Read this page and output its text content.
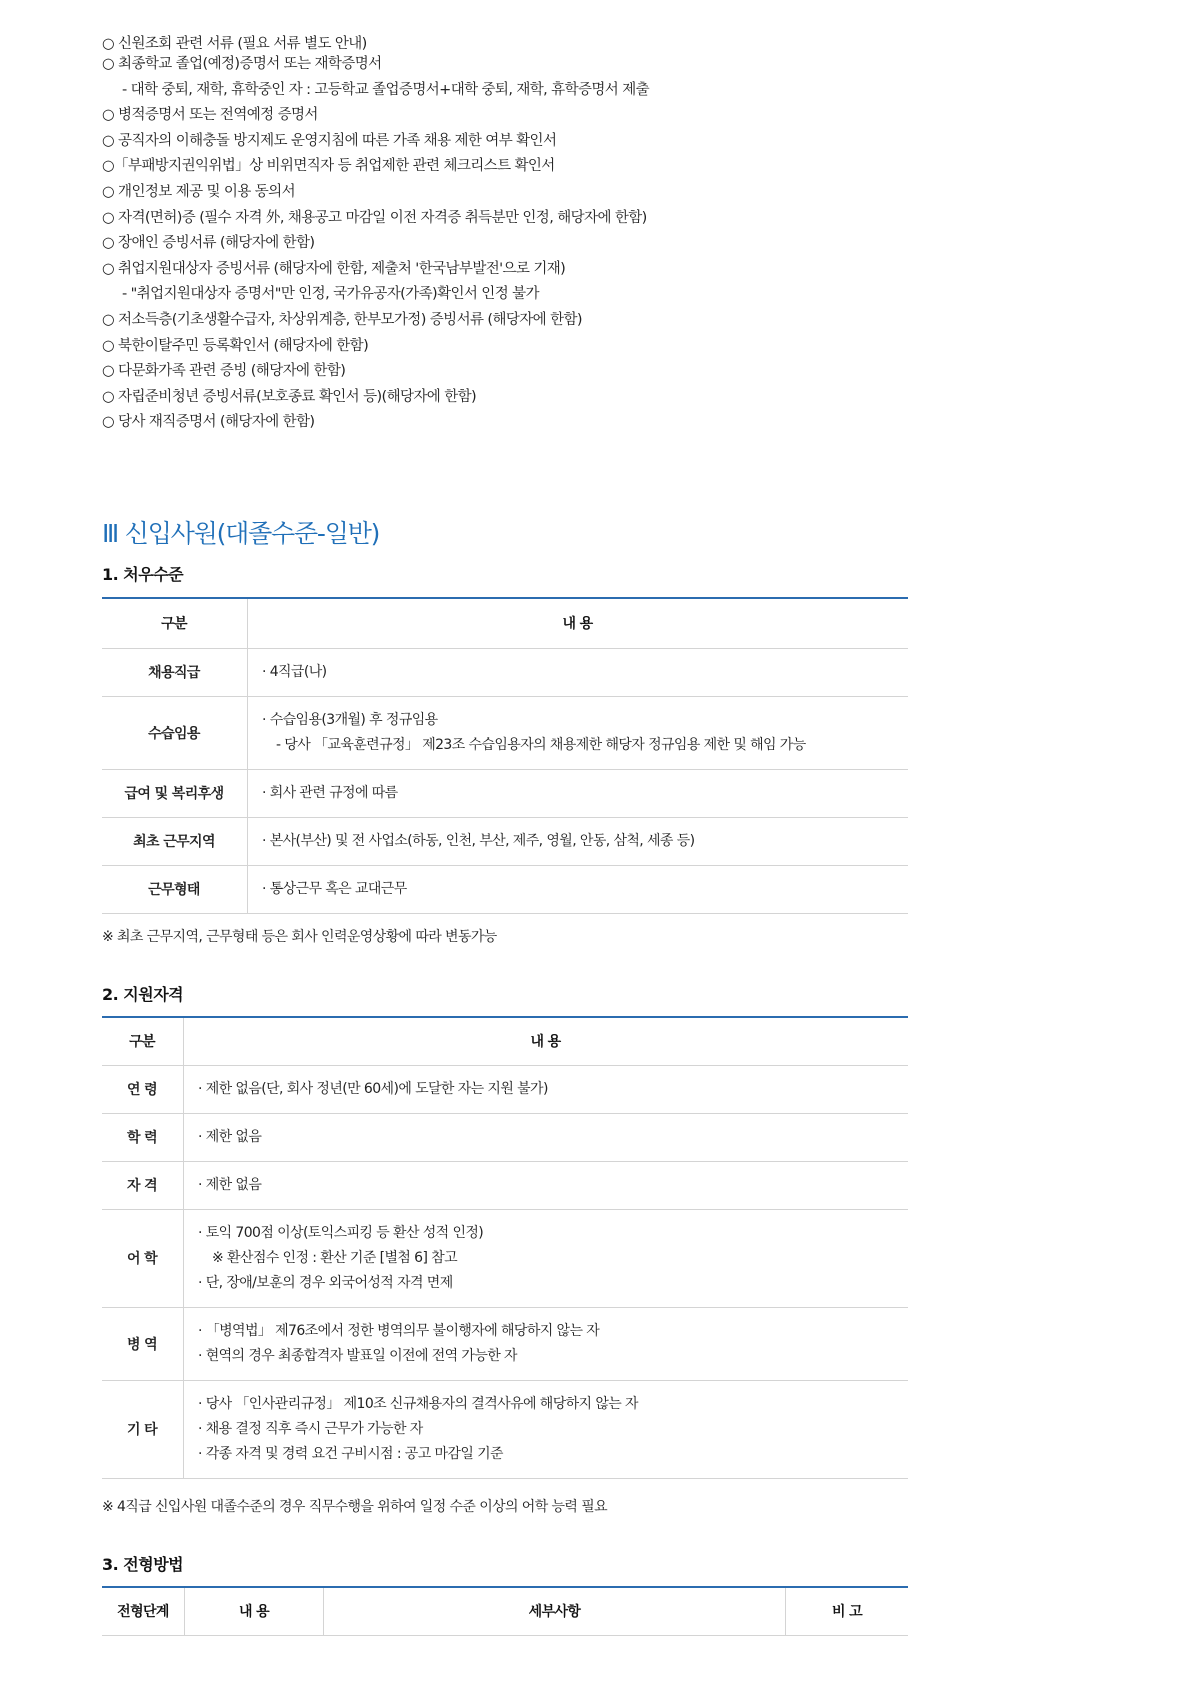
○ 신원조회 관련 서류 (필요 서류 별도 안내)
○ 최종학교 졸업(예정)증명서 또는 재학증명서
- 대학 중퇴, 재학, 휴학중인 자 : 고등학교 졸업증명서+대학 중퇴, 재학, 휴학증명서 제출
○ 병적증명서 또는 전역예정 증명서
○ 공직자의 이해충돌 방지제도 운영지침에 따른 가족 채용 제한 여부 확인서
○「부패방지권익위법」상 비위면직자 등 취업제한 관련 체크리스트 확인서
○ 개인정보 제공 및 이용 동의서
○ 자격(면허)증 (필수 자격 外, 채용공고 마감일 이전 자격증 취득분만 인정, 해당자에 한함)
○ 장애인 증빙서류 (해당자에 한함)
○ 취업지원대상자 증빙서류 (해당자에 한함, 제출처 '한국남부발전'으로 기재)
- "취업지원대상자 증명서"만 인정, 국가유공자(가족)확인서 인정 불가
○ 저소득층(기초생활수급자, 차상위계층, 한부모가정) 증빙서류 (해당자에 한함)
○ 북한이탈주민 등록확인서 (해당자에 한함)
○ 다문화가족 관련 증빙 (해당자에 한함)
○ 자립준비청년 증빙서류(보호종료 확인서 등)(해당자에 한함)
○ 당사 재직증명서 (해당자에 한함)
Ⅲ 신입사원(대졸수준-일반)
1. 처우수준
구분	내 용
채용직급	· 4직급(나)

수습임용	· 수습임용(3개월) 후 정규임용
- 당사 「교육훈련규정」 제23조 수습임용자의 채용제한 해당자 정규임용 제한 및 해임 가능

급여 및 복리후생	· 회사 관련 규정에 따름

최초 근무지역	· 본사(부산) 및 전 사업소(하동, 인천, 부산, 제주, 영월, 안동, 삼척, 세종 등)

근무형태	· 통상근무 혹은 교대근무
※ 최초 근무지역, 근무형태 등은 회사 인력운영상황에 따라 변동가능
2. 지원자격
구분	내 용
연 령	· 제한 없음(단, 회사 정년(만 60세)에 도달한 자는 지원 불가)

학 력	· 제한 없음

자 격	· 제한 없음

어 학	· 토익 700점 이상(토익스피킹 등 환산 성적 인정)
※ 환산점수 인정 : 환산 기준 [별첨 6] 참고
· 단, 장애/보훈의 경우 외국어성적 자격 면제

병 역	· 「병역법」 제76조에서 정한 병역의무 불이행자에 해당하지 않는 자
· 현역의 경우 최종합격자 발표일 이전에 전역 가능한 자

기 타	· 당사 「인사관리규정」 제10조 신규채용자의 결격사유에 해당하지 않는 자
· 채용 결정 직후 즉시 근무가 가능한 자
· 각종 자격 및 경력 요건 구비시점 : 공고 마감일 기준
※ 4직급 신입사원 대졸수준의 경우 직무수행을 위하여 일정 수준 이상의 어학 능력 필요
3. 전형방법
전형단계	내 용	세부사항	비 고
